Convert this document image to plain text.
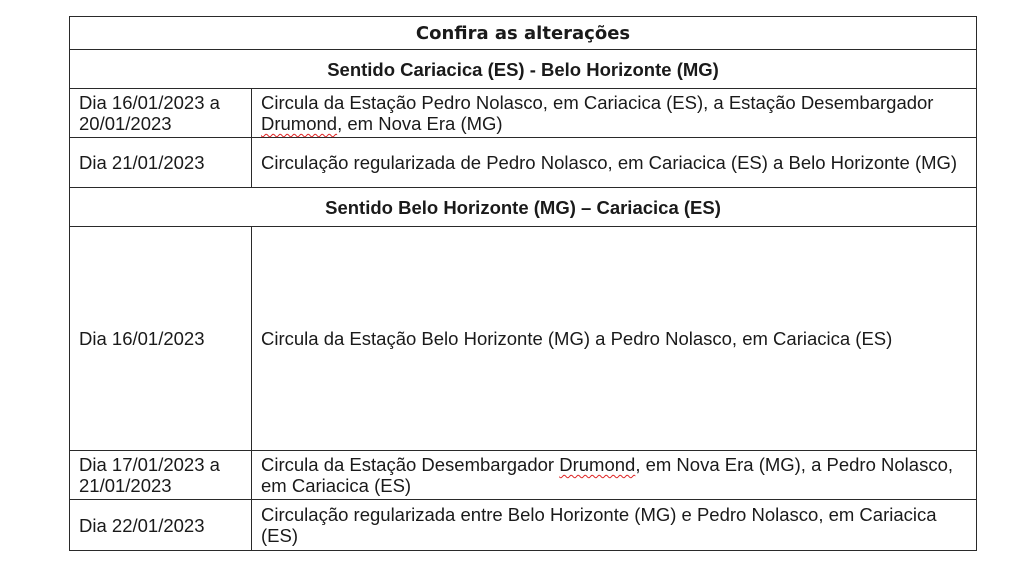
Confira as alterações	
Sentido Cariacica (ES) - Belo Horizonte (MG)	
Dia 16/01/2023 a 20/01/2023	Circula da Estação Pedro Nolasco, em Cariacica (ES), a Estação Desembargador Drumond, em Nova Era (MG)
Dia 21/01/2023	Circulação regularizada de Pedro Nolasco, em Cariacica (ES) a Belo Horizonte (MG)
Sentido Belo Horizonte (MG) – Cariacica (ES)	
Dia 16/01/2023	Circula da Estação Belo Horizonte (MG) a Pedro Nolasco, em Cariacica (ES)
Dia 17/01/2023 a 21/01/2023	Circula da Estação Desembargador Drumond, em Nova Era (MG), a Pedro Nolasco, em Cariacica (ES)
Dia 22/01/2023	Circulação regularizada entre Belo Horizonte (MG) e Pedro Nolasco, em Cariacica (ES)
